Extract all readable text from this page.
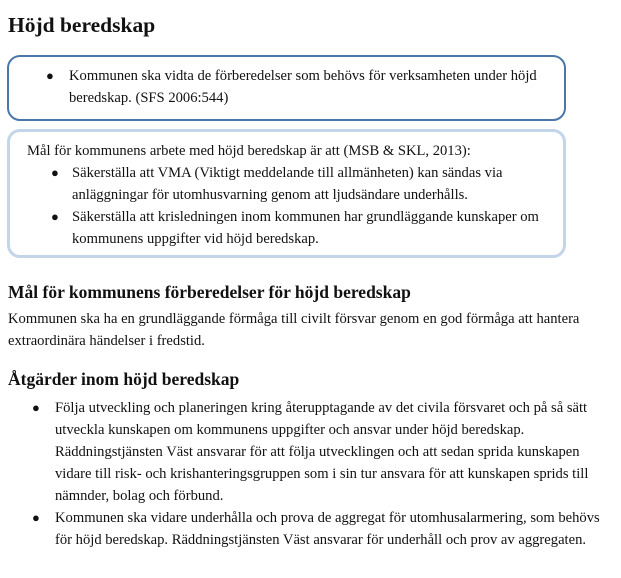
Höjd beredskap
● Kommunen ska vidta de förberedelser som behövs för verksamheten under höjd beredskap. (SFS 2006:544)

Mål för kommunens arbete med höjd beredskap är att (MSB & SKL, 2013):

● Säkerställa att VMA (Viktigt meddelande till allmänheten) kan sändas via anläggningar för utomhusvarning genom att ljudsändare underhålls.
● Säkerställa att krisledningen inom kommunen har grundläggande kunskaper om kommunens uppgifter vid höjd beredskap.
Mål för kommunens förberedelser för höjd beredskap

Kommunen ska ha en grundläggande förmåga till civilt försvar genom en god förmåga att hantera extraordinära händelser i fredstid.

Åtgärder inom höjd beredskap
● Följa utveckling och planeringen kring återupptagande av det civila försvaret och på så sätt utveckla kunskapen om kommunens uppgifter och ansvar under höjd beredskap. Räddningstjänsten Väst ansvarar för att följa utvecklingen och att sedan sprida kunskapen vidare till risk- och krishanteringsgruppen som i sin tur ansvara för att kunskapen sprids till nämnder, bolag och förbund.
● Kommunen ska vidare underhålla och prova de aggregat för utomhusalarmering, som behövs för höjd beredskap. Räddningstjänsten Väst ansvarar för underhåll och prov av aggregaten.
